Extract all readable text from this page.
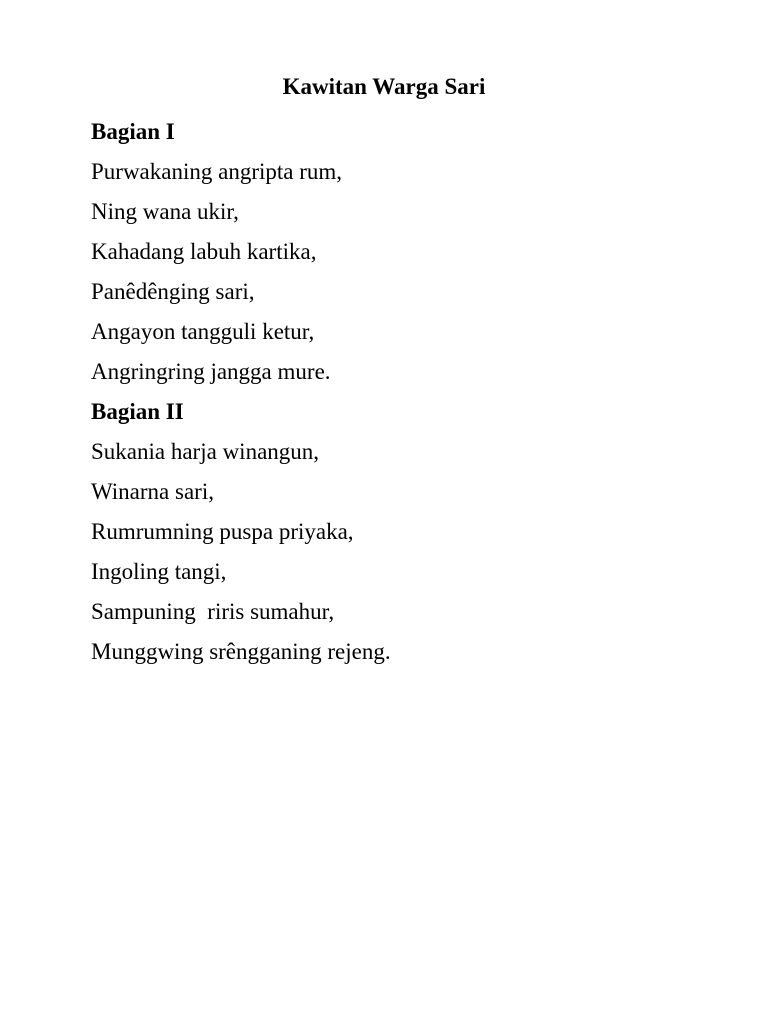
Kawitan Warga Sari
Bagian I
Purwakaning angripta rum,
Ning wana ukir,
Kahadang labuh kartika,
Panêdênging sari,
Angayon tangguli ketur,
Angringring jangga mure.
Bagian II
Sukania harja winangun,
Winarna sari,
Rumrumning puspa priyaka,
Ingoling tangi,
Sampuning  riris sumahur,
Munggwing srêngganing rejeng.
